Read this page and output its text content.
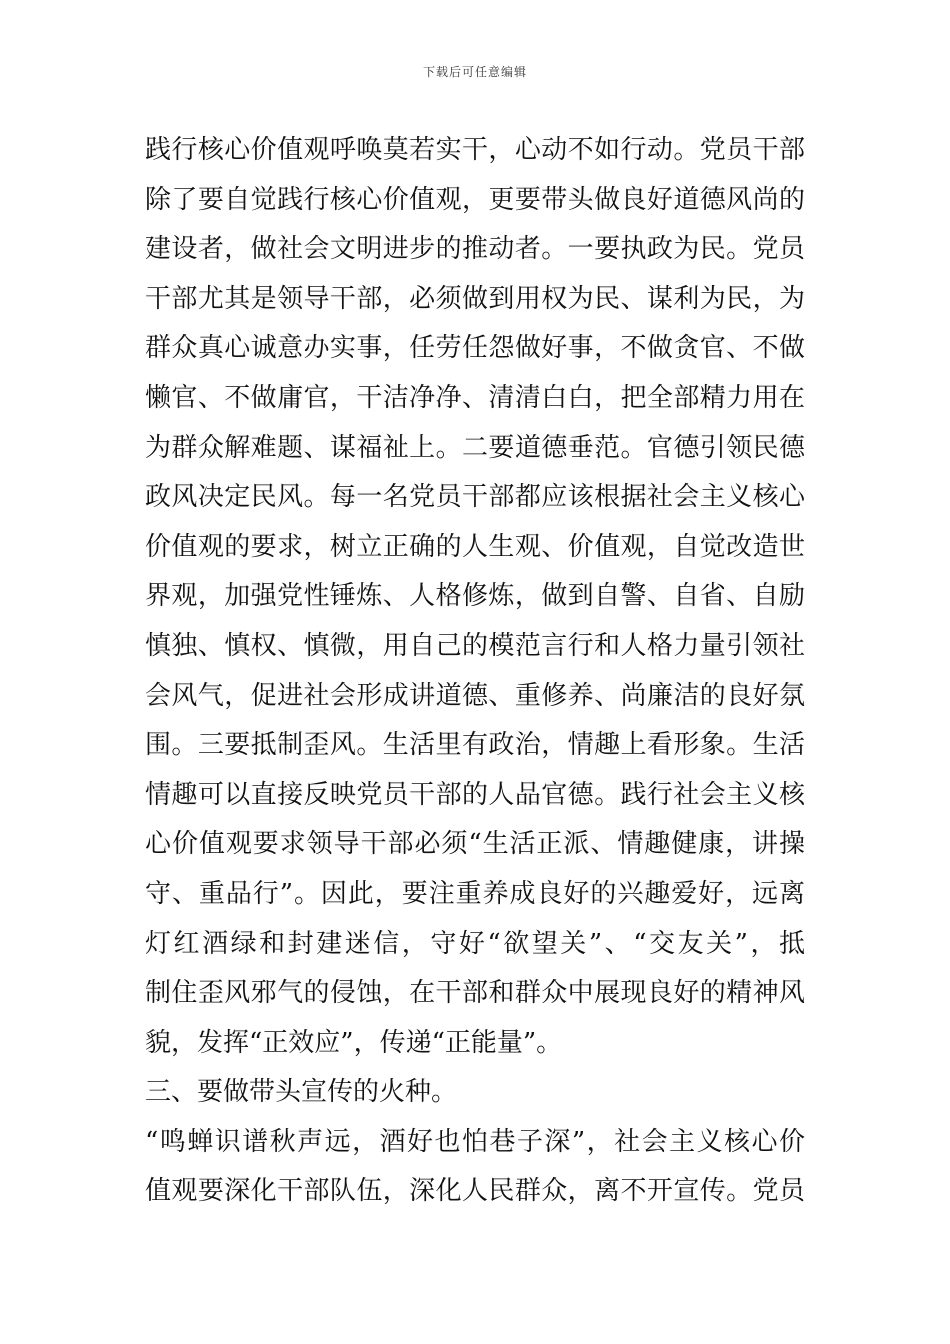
下载后可任意编辑
践行核心价值观呼唤莫若实干，心动不如行动。党员干部
除了要自觉践行核心价值观，更要带头做良好道德风尚的
建设者，做社会文明进步的推动者。一要执政为民。党员
干部尤其是领导干部，必须做到用权为民、谋利为民，为
群众真心诚意办实事，任劳任怨做好事，不做贪官、不做
懒官、不做庸官，干洁净净、清清白白，把全部精力用在
为群众解难题、谋福祉上。二要道德垂范。官德引领民德
政风决定民风。每一名党员干部都应该根据社会主义核心
价值观的要求，树立正确的人生观、价值观，自觉改造世
界观，加强党性锤炼、人格修炼，做到自警、自省、自励
慎独、慎权、慎微，用自己的模范言行和人格力量引领社
会风气，促进社会形成讲道德、重修养、尚廉洁的良好氛
围。三要抵制歪风。生活里有政治，情趣上看形象。生活
情趣可以直接反映党员干部的人品官德。践行社会主义核
心价值观要求领导干部必须“生活正派、情趣健康，讲操
守、重品行”。因此，要注重养成良好的兴趣爱好，远离
灯红酒绿和封建迷信，守好“欲望关”、“交友关”，抵
制住歪风邪气的侵蚀，在干部和群众中展现良好的精神风
貌，发挥“正效应”，传递“正能量”。
三、要做带头宣传的火种。
“鸣蝉识谱秋声远，酒好也怕巷子深”，社会主义核心价
值观要深化干部队伍，深化人民群众，离不开宣传。党员
